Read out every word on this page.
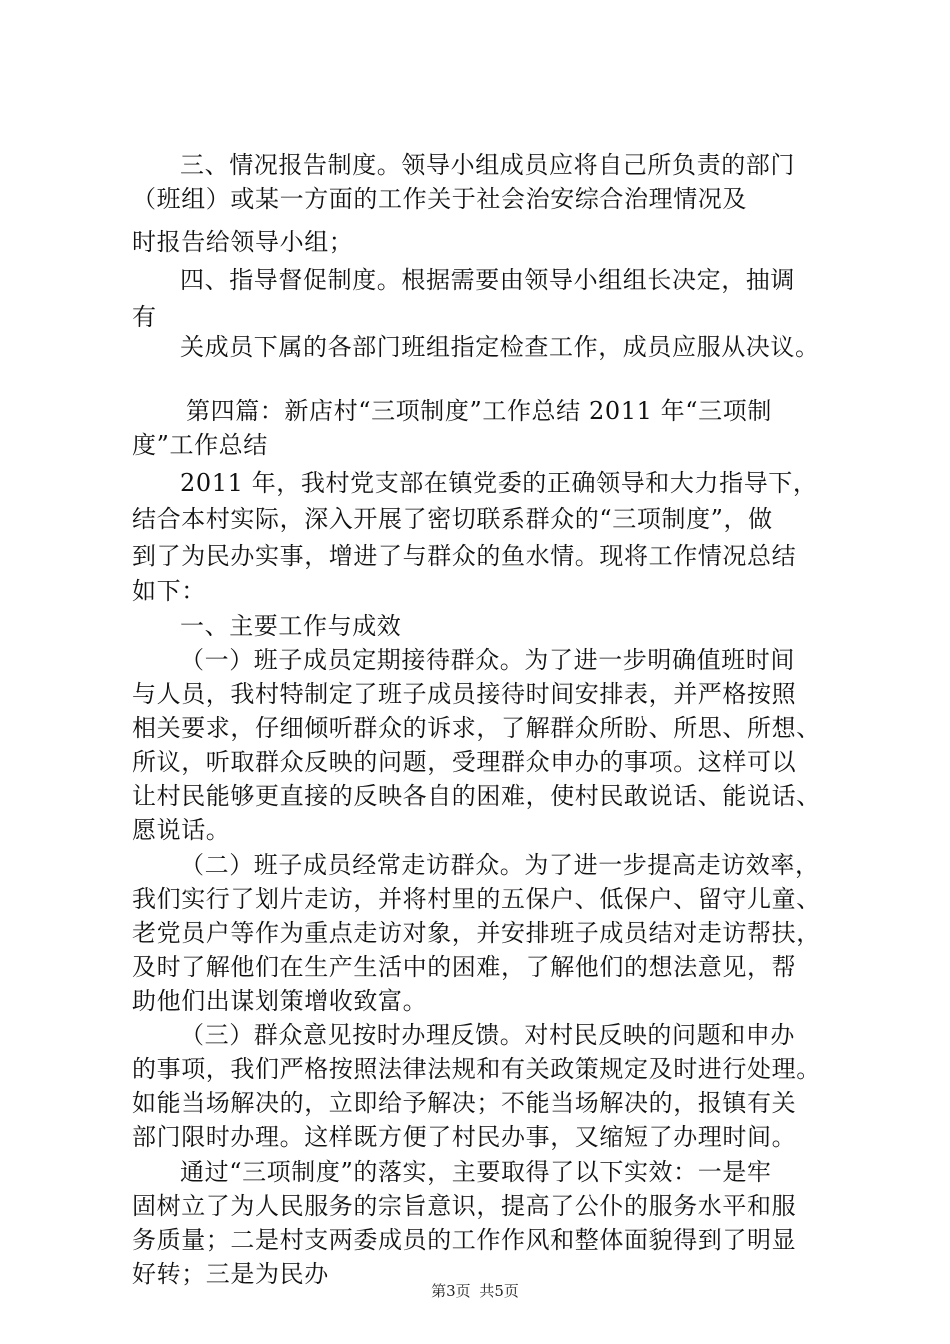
三、情况报告制度。领导小组成员应将自己所负责的部门
（班组）或某一方面的工作关于社会治安综合治理情况及
时报告给领导小组；
四、指导督促制度。根据需要由领导小组组长决定，抽调
有
关成员下属的各部门班组指定检查工作，成员应服从决议。
第四篇：新店村“三项制度”工作总结 2011 年“三项制
度”工作总结
2011 年，我村党支部在镇党委的正确领导和大力指导下，
结合本村实际，深入开展了密切联系群众的“三项制度”，做
到了为民办实事，增进了与群众的鱼水情。现将工作情况总结
如下：
一、主要工作与成效
（一）班子成员定期接待群众。为了进一步明确值班时间
与人员，我村特制定了班子成员接待时间安排表，并严格按照
相关要求，仔细倾听群众的诉求，了解群众所盼、所思、所想、
所议，听取群众反映的问题，受理群众申办的事项。这样可以
让村民能够更直接的反映各自的困难，使村民敢说话、能说话、
愿说话。
（二）班子成员经常走访群众。为了进一步提高走访效率，
我们实行了划片走访，并将村里的五保户、低保户、留守儿童、
老党员户等作为重点走访对象，并安排班子成员结对走访帮扶，
及时了解他们在生产生活中的困难，了解他们的想法意见，帮
助他们出谋划策增收致富。
（三）群众意见按时办理反馈。对村民反映的问题和申办
的事项，我们严格按照法律法规和有关政策规定及时进行处理。
如能当场解决的，立即给予解决；不能当场解决的，报镇有关
部门限时办理。这样既方便了村民办事，又缩短了办理时间。
通过“三项制度”的落实，主要取得了以下实效：一是牢
固树立了为人民服务的宗旨意识，提高了公仆的服务水平和服
务质量；二是村支两委成员的工作作风和整体面貌得到了明显
好转；三是为民办
第3页 共5页
